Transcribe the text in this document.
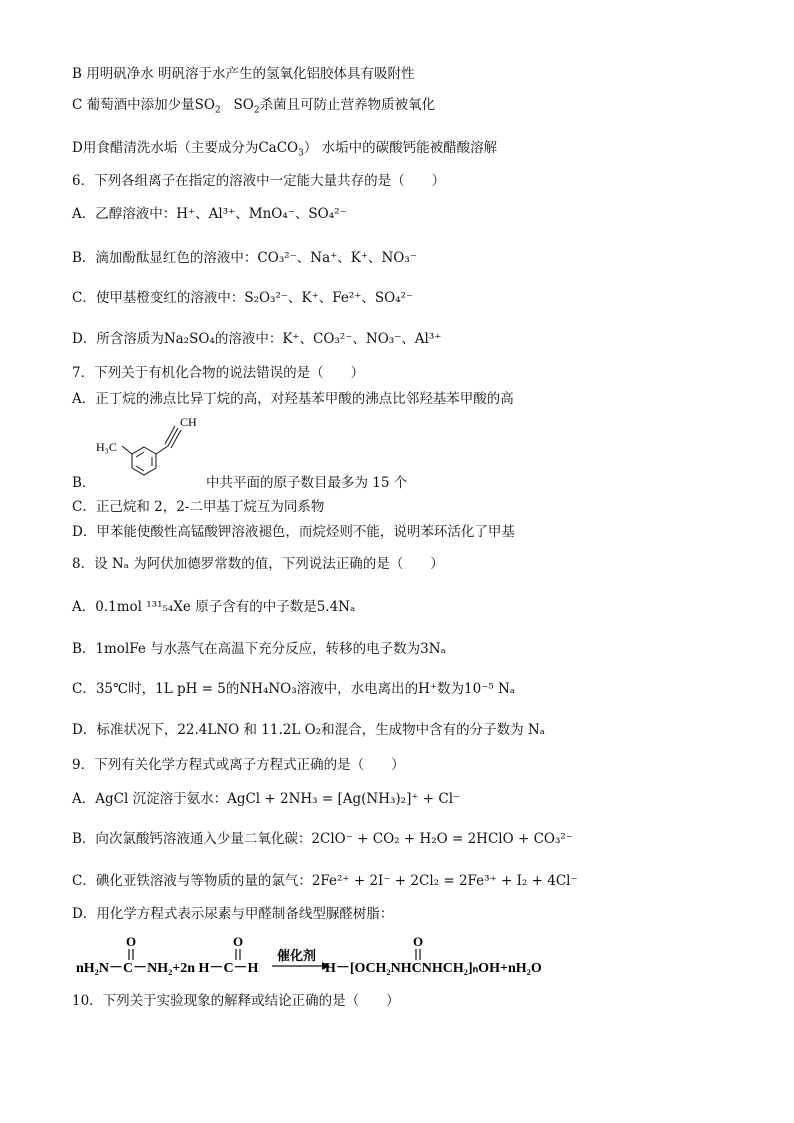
B 用明矾净水 明矾溶于水产生的氢氧化铝胶体具有吸附性
C 葡萄酒中添加少量$SO_2$ $SO_2$杀菌且可防止营养物质被氧化
D用食醋清洗水垢（主要成分为CaCO$_3$） 水垢中的碳酸钙能被醋酸溶解
6．下列各组离子在指定的溶液中一定能大量共存的是（　　）
A．乙醇溶液中：H⁺、Al³⁺、MnO₄⁻、SO₄²⁻
B．滴加酚酞显红色的溶液中：CO₃²⁻、Na⁺、K⁺、NO₃⁻
C．使甲基橙变红的溶液中：S₂O₃²⁻、K⁺、Fe²⁺、SO₄²⁻
D．所含溶质为Na₂SO₄的溶液中：K⁺、CO₃²⁻、NO₃⁻、Al³⁺
7．下列关于有机化合物的说法错误的是（　　）
A．正丁烷的沸点比异丁烷的高，对羟基苯甲酸的沸点比邻羟基苯甲酸的高
H₃C
CH
B．	中共平面的原子数目最多为 15 个
C．正己烷和 2，2-二甲基丁烷互为同系物
D．甲苯能使酸性高锰酸钾溶液褪色，而烷烃则不能，说明苯环活化了甲基
8．设 Nₐ 为阿伏加德罗常数的值，下列说法正确的是（　　）
A．0.1mol ¹³¹₅₄Xe 原子含有的中子数是5.4Nₐ
B．1molFe 与水蒸气在高温下充分反应，转移的电子数为3Nₐ
C．35℃时，1L pH = 5的NH₄NO₃溶液中，水电离出的H⁺数为10⁻⁵ Nₐ
D．标准状况下，22.4LNO 和 11.2L O₂和混合，生成物中含有的分子数为 Nₐ
9．下列有关化学方程式或离子方程式正确的是（　　）
A．AgCl 沉淀溶于氨水：AgCl + 2NH₃ = [Ag(NH₃)₂]⁺ + Cl⁻
B．向次氯酸钙溶液通入少量二氧化碳：2ClO⁻ + CO₂ + H₂O = 2HClO + CO₃²⁻
C．碘化亚铁溶液与等物质的量的氯气：2Fe²⁺ + 2I⁻ + 2Cl₂ = 2Fe³⁺ + I₂ + 4Cl⁻
D．用化学方程式表示尿素与甲醛制备线型脲醛树脂：
nH₂N－C－NH₂+2n H－C－H
O	O
催化剂
H－[OCH₂NHCNHCH₂]ₙOH+nH₂O
O
10．下列关于实验现象的解释或结论正确的是（　　）
